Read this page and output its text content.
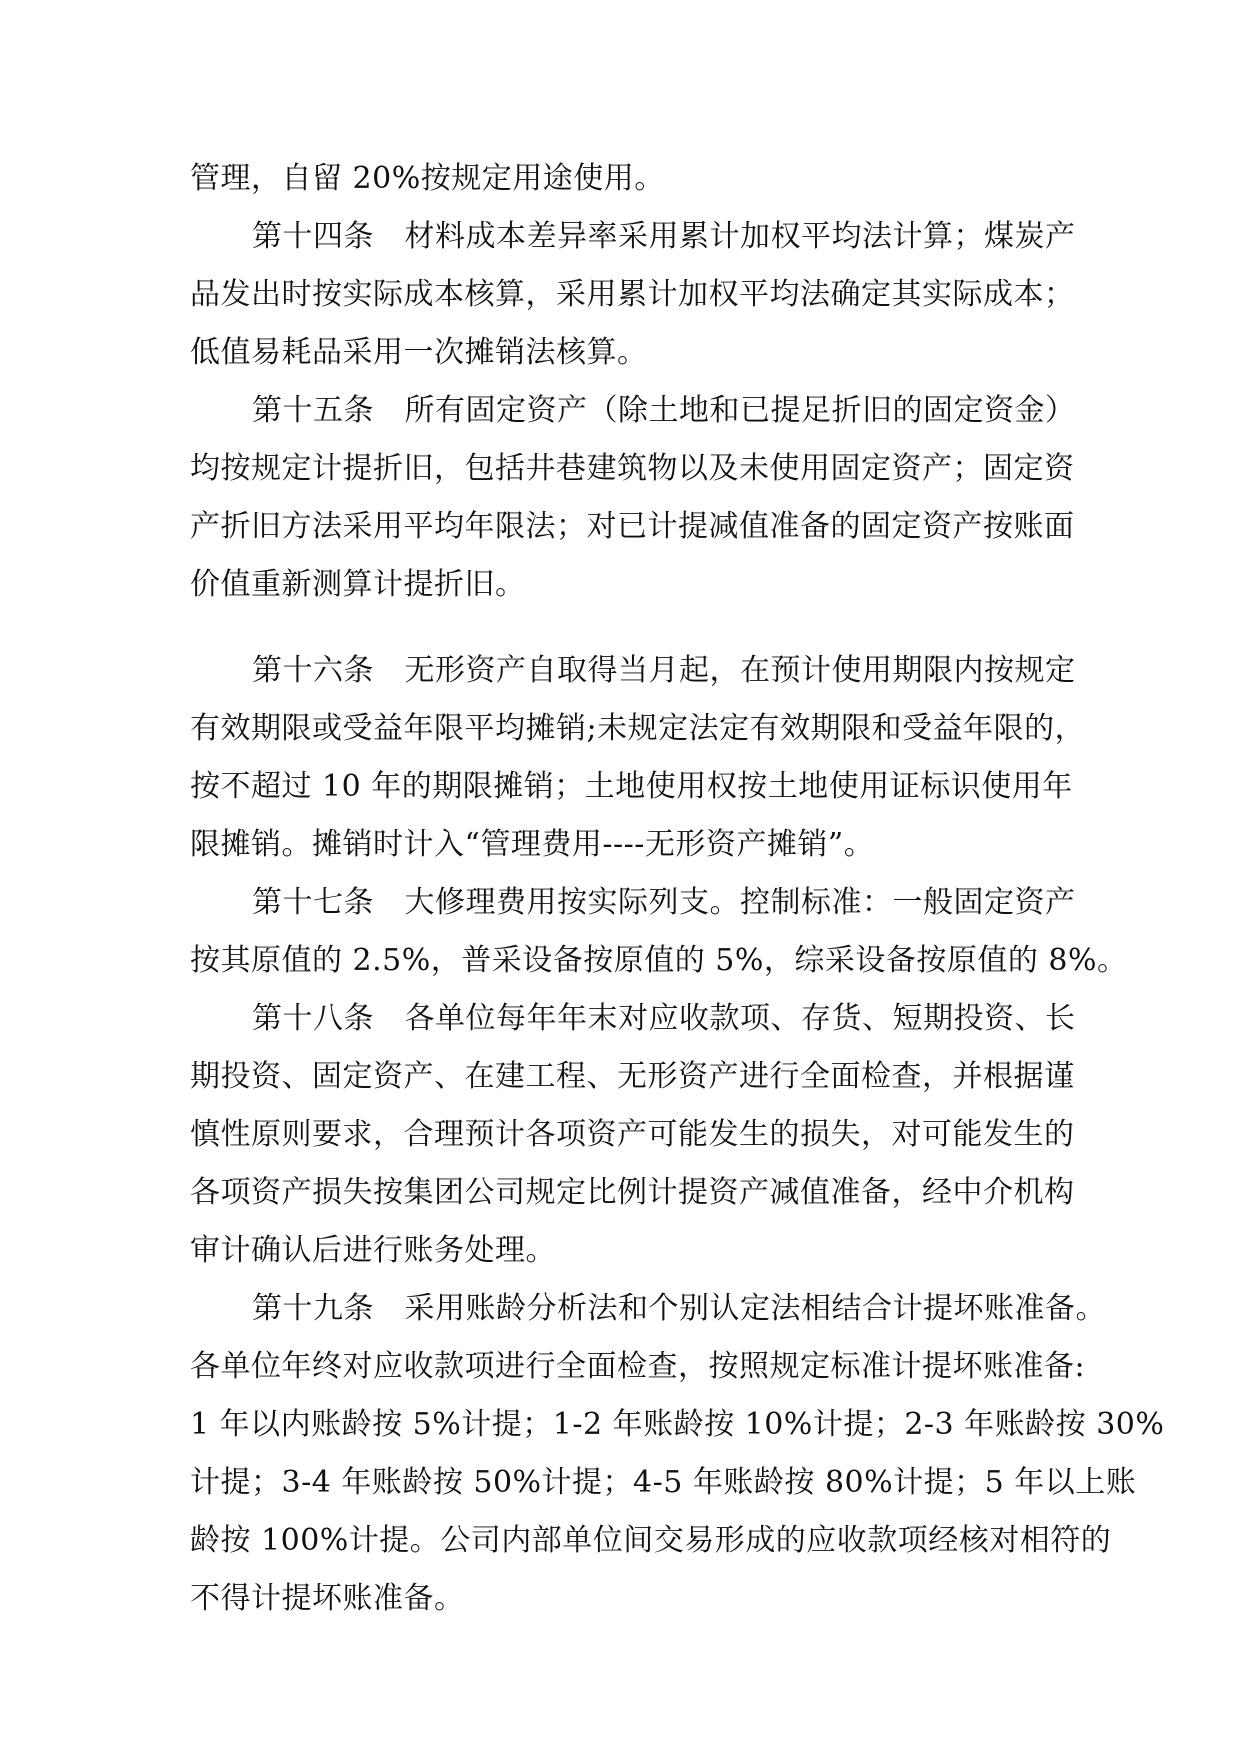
管理，自留 20%按规定用途使用。
第十四条　材料成本差异率采用累计加权平均法计算；煤炭产
品发出时按实际成本核算，采用累计加权平均法确定其实际成本；
低值易耗品采用一次摊销法核算。
第十五条　所有固定资产（除土地和已提足折旧的固定资金）
均按规定计提折旧，包括井巷建筑物以及未使用固定资产；固定资
产折旧方法采用平均年限法；对已计提减值准备的固定资产按账面
价值重新测算计提折旧。
第十六条　无形资产自取得当月起，在预计使用期限内按规定
有效期限或受益年限平均摊销;未规定法定有效期限和受益年限的，
按不超过 10 年的期限摊销；土地使用权按土地使用证标识使用年
限摊销。摊销时计入“管理费用----无形资产摊销”。
第十七条　大修理费用按实际列支。控制标准：一般固定资产
按其原值的 2.5%，普采设备按原值的 5%，综采设备按原值的 8%。
第十八条　各单位每年年末对应收款项、存货、短期投资、长
期投资、固定资产、在建工程、无形资产进行全面检查，并根据谨
慎性原则要求，合理预计各项资产可能发生的损失，对可能发生的
各项资产损失按集团公司规定比例计提资产减值准备，经中介机构
审计确认后进行账务处理。
第十九条　采用账龄分析法和个别认定法相结合计提坏账准备。
各单位年终对应收款项进行全面检查，按照规定标准计提坏账准备:
1 年以内账龄按 5%计提；1-2 年账龄按 10%计提；2-3 年账龄按 30%
计提；3-4 年账龄按 50%计提；4-5 年账龄按 80%计提；5 年以上账
龄按 100%计提。公司内部单位间交易形成的应收款项经核对相符的
不得计提坏账准备。
